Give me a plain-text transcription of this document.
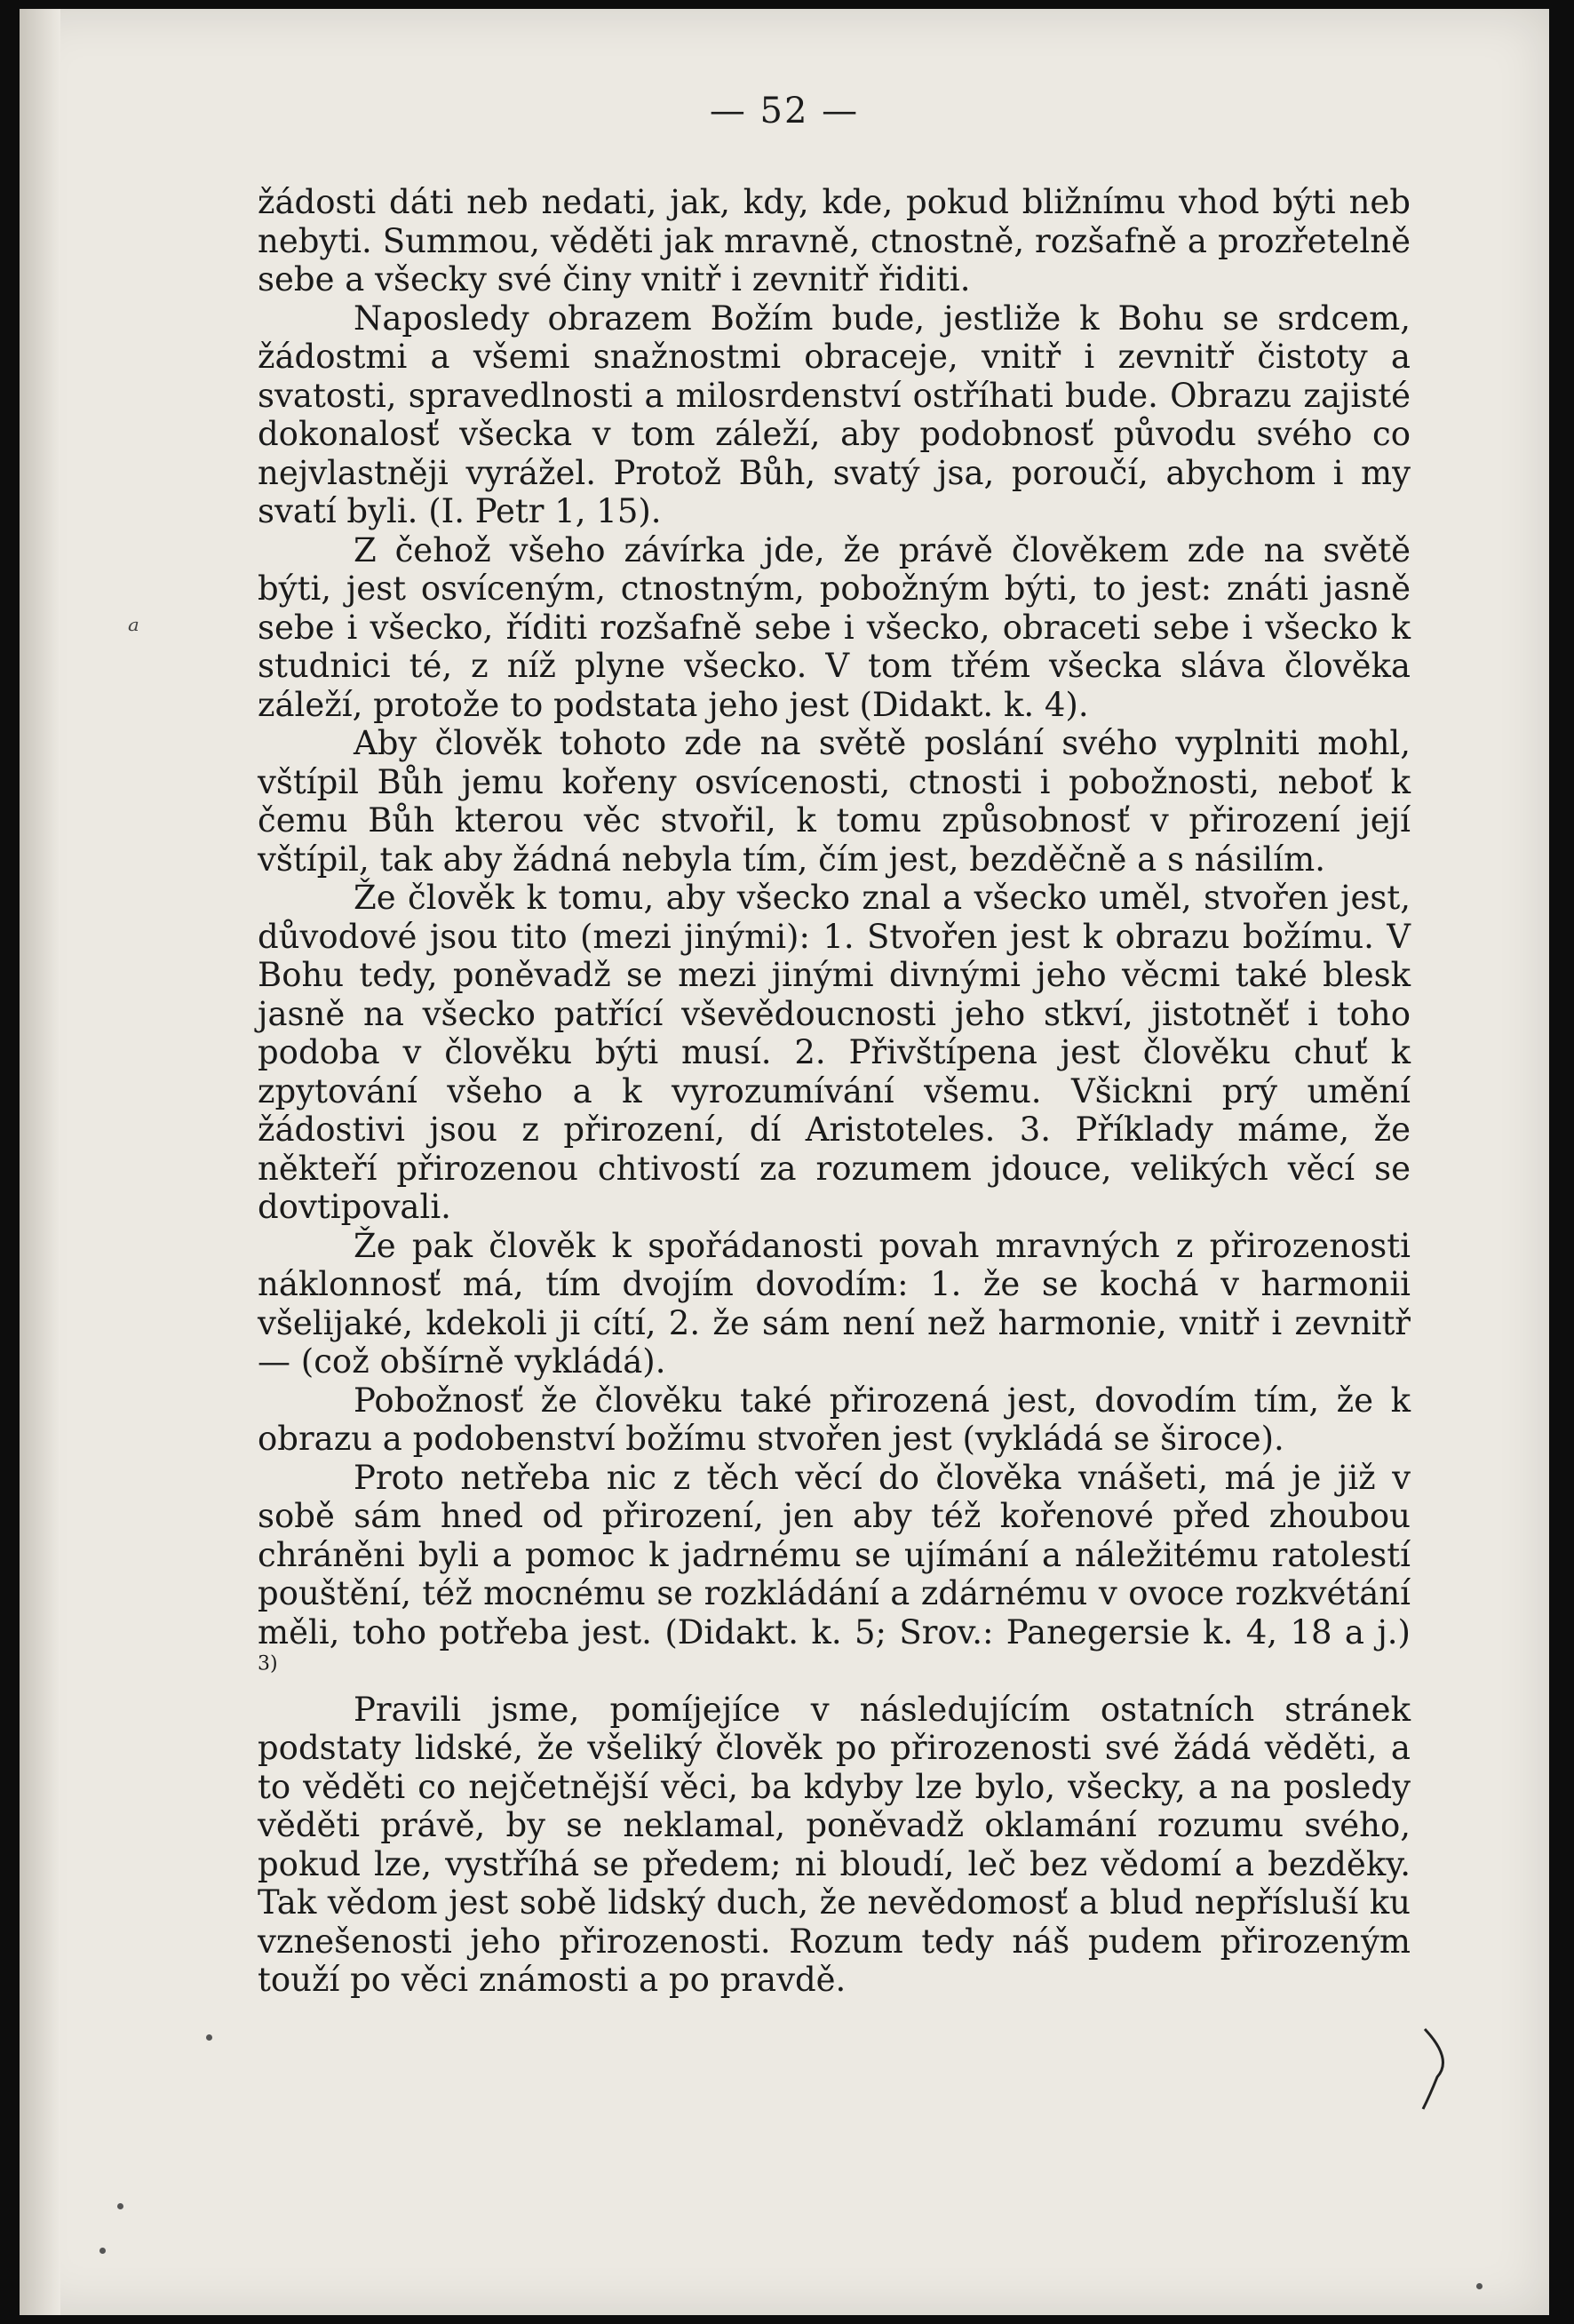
— 52 —
ᵃ

žádosti dáti neb nedati, jak, kdy, kde, pokud bližnímu vhod býti neb nebyti. Summou, věděti jak mravně, ctnostně, rozšafně a prozřetelně sebe a všecky své činy vnitř i zevnitř řiditi.

Naposledy obrazem Božím bude, jestliže k Bohu se srdcem, žádostmi a všemi snažnostmi obraceje, vnitř i zevnitř čistoty a svatosti, spravedlnosti a milosrdenství ostříhati bude. Obrazu zajisté dokonalosť všecka v tom záleží, aby podobnosť původu svého co nejvlastněji vyrážel. Protož Bůh, svatý jsa, poroučí, abychom i my svatí byli. (I. Petr 1, 15).

Z čehož všeho závírka jde, že právě člověkem zde na světě býti, jest osvíceným, ctnostným, pobožným býti, to jest: znáti jasně sebe i všecko, říditi rozšafně sebe i všecko, obraceti sebe i všecko k studnici té, z níž plyne všecko. V tom třém všecka sláva člověka záleží, protože to podstata jeho jest (Didakt. k. 4).

Aby člověk tohoto zde na světě poslání svého vyplniti mohl, vštípil Bůh jemu kořeny osvícenosti, ctnosti i pobožnosti, neboť k čemu Bůh kterou věc stvořil, k tomu způsobnosť v přirození její vštípil, tak aby žádná nebyla tím, čím jest, bezděčně a s násilím.

Že člověk k tomu, aby všecko znal a všecko uměl, stvořen jest, důvodové jsou tito (mezi jinými): 1. Stvořen jest k obrazu božímu. V Bohu tedy, poněvadž se mezi jinými divnými jeho věcmi také blesk jasně na všecko patřící vševědoucnosti jeho stkví, jistotněť i toho podoba v člověku býti musí. 2. Přivštípena jest člověku chuť k zpytování všeho a k vyrozumívání všemu. Všickni prý umění žádostivi jsou z přirození, dí Aristoteles. 3. Příklady máme, že někteří přirozenou chtivostí za rozumem jdouce, velikých věcí se dovtipovali.

Že pak člověk k spořádanosti povah mravných z přirozenosti náklonnosť má, tím dvojím dovodím: 1. že se kochá v harmonii všelijaké, kdekoli ji cítí, 2. že sám není než harmonie, vnitř i zevnitř — (což obšírně vykládá).

Pobožnosť že člověku také přirozená jest, dovodím tím, že k obrazu a podobenství božímu stvořen jest (vykládá se široce).

Proto netřeba nic z těch věcí do člověka vnášeti, má je již v sobě sám hned od přirození, jen aby též kořenové před zhoubou chráněni byli a pomoc k jadrnému se ujímání a náležitému ratolestí pouštění, též mocnému se rozkládání a zdárnému v ovoce rozkvétání měli, toho potřeba jest. (Didakt. k. 5; Srov.: Panegersie k. 4, 18 a j.) $^{3)}$

Pravili jsme, pomíjejíce v následujícím ostatních stránek podstaty lidské, že všeliký člověk po přirozenosti své žádá věděti, a to věděti co nejčetnější věci, ba kdyby lze bylo, všecky, a na posledy věděti právě, by se neklamal, poněvadž oklamání rozumu svého, pokud lze, vystříhá se předem; ni bloudí, leč bez vědomí a bezděky. Tak vědom jest sobě lidský duch, že nevědomosť a blud nepřísluší ku vznešenosti jeho přirozenosti. Rozum tedy náš pudem přirozeným touží po věci známosti a po pravdě.
